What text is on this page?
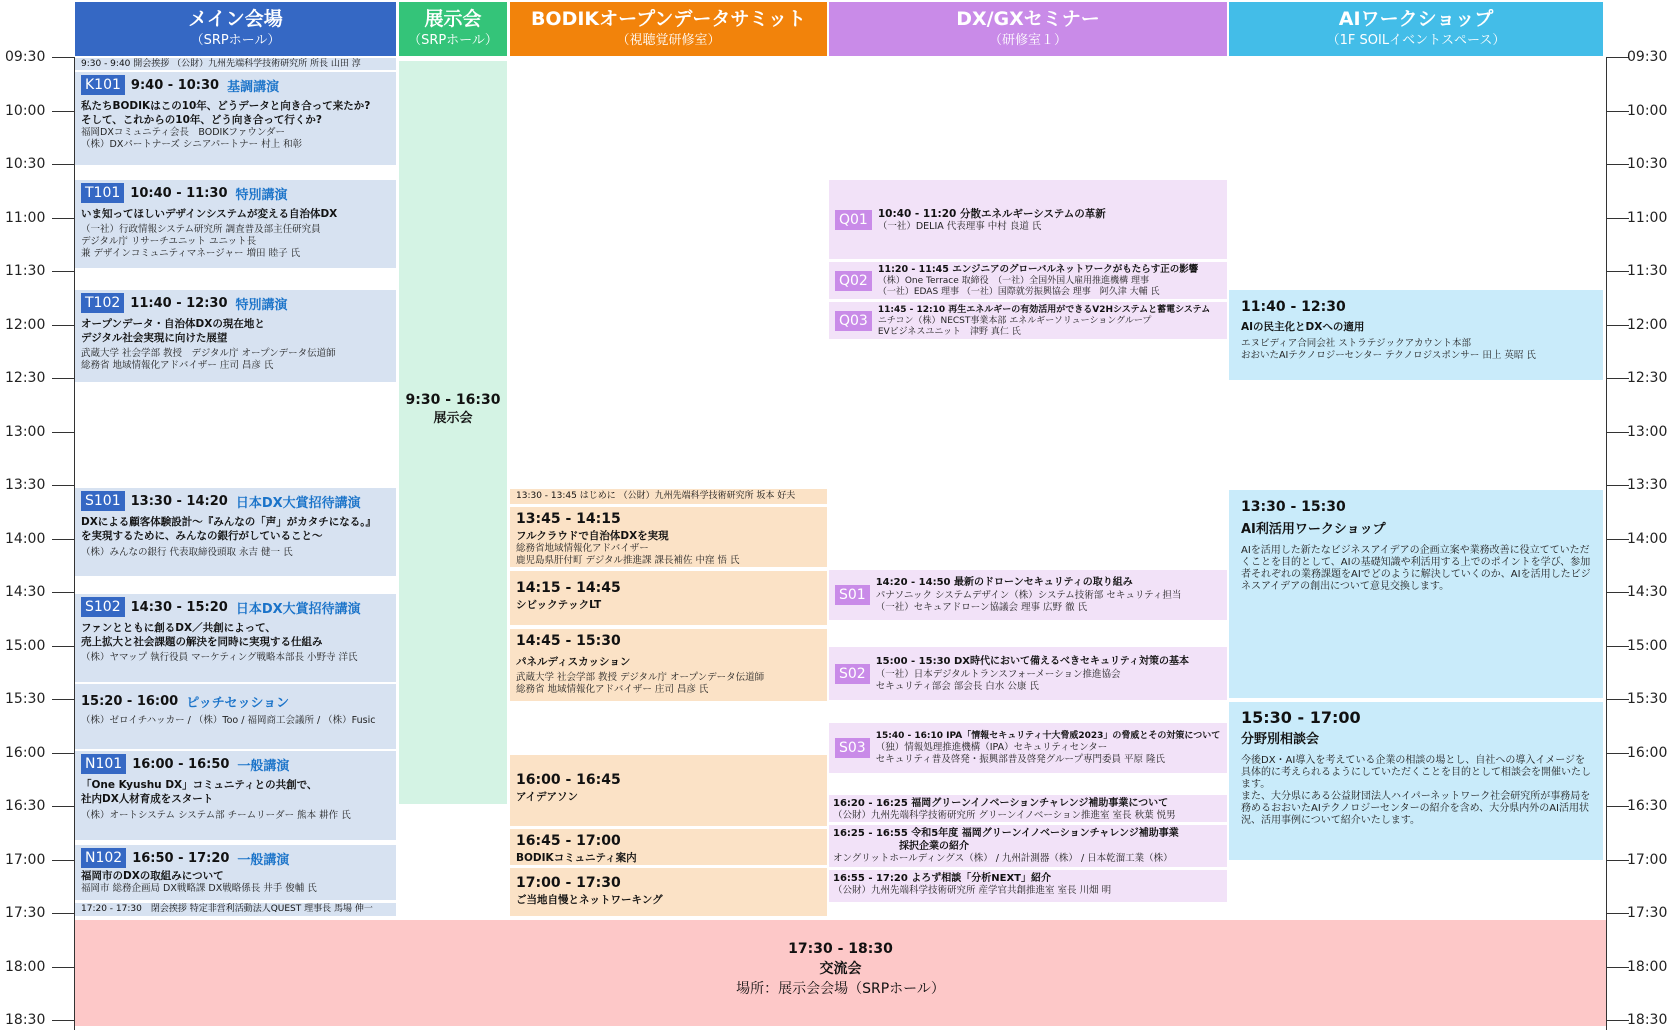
メイン会場
（SRPホール）
展示会
（SRPホール）
BODIKオープンデータサミット
（視聴覚研修室）
DX/GXセミナー
（研修室１）
AIワークショップ
（1F SOILイベントスペース）
09:30	09:30
10:00	10:00
10:30	10:30
11:00	11:00
11:30	11:30
12:00	12:00
12:30	12:30
13:00	13:00
13:30	13:30
14:00	14:00
14:30	14:30
15:00	15:00
15:30	15:30
16:00	16:00
16:30	16:30
17:00	17:00
17:30	17:30
18:00	18:00
18:30	18:30
9:30 - 9:40 開会挨拶 （公財）九州先端科学技術研究所 所長 山田 淳
K101 9:40 - 10:30 基調講演
私たちBODIKはこの10年、どうデータと向き合って来たか?
そして、これからの10年、どう向き合って行くか?
福岡DXコミュニティ会長　BODIKファウンダー
（株）DXパートナーズ シニアパートナー 村上 和彰
T101 10:40 - 11:30 特別講演
いま知ってほしいデザインシステムが変える自治体DX
（一社）行政情報システム研究所 調査普及部主任研究員
デジタル庁 リサーチユニット ユニット長
兼 デザインコミュニティマネージャー 増田 睦子 氏
T102 11:40 - 12:30 特別講演
オープンデータ・自治体DXの現在地と
デジタル社会実現に向けた展望
武蔵大学 社会学部 教授　デジタル庁 オープンデータ伝道師
総務省 地域情報化アドバイザー 庄司 昌彦 氏
S101 13:30 - 14:20 日本DX大賞招待講演
DXによる顧客体験設計～『みんなの「声」がカタチになる。』
を実現するために、みんなの銀行がしていること～
（株）みんなの銀行 代表取締役頭取 永吉 健一 氏
S102 14:30 - 15:20 日本DX大賞招待講演
ファンとともに創るDX／共創によって、
売上拡大と社会課題の解決を同時に実現する仕組み
（株）ヤマップ 執行役員 マーケティング戦略本部長 小野寺 洋氏
15:20 - 16:00 ピッチセッション
（株）ゼロイチハッカー / （株）Too / 福岡商工会議所 / （株）Fusic
N101 16:00 - 16:50 一般講演
「One Kyushu DX」コミュニティとの共創で、
社内DX人材育成をスタート
（株）オートシステム システム部 チームリーダー 熊本 耕作 氏
N102 16:50 - 17:20 一般講演
福岡市のDXの取組みについて
福岡市 総務企画局 DX戦略課 DX戦略係長 井手 俊輔 氏
17:20 - 17:30　閉会挨拶 特定非営利活動法人QUEST 理事長 馬場 伸一
9:30 - 16:30
展示会
13:30 - 13:45 はじめに （公財）九州先端科学技術研究所 坂本 好夫
13:45 - 14:15
フルクラウドで自治体DXを実現
総務省地域情報化アドバイザー
鹿児島県肝付町 デジタル推進課 課長補佐 中窪 悟 氏
14:15 - 14:45
シビックテックLT
14:45 - 15:30
パネルディスカッション
武蔵大学 社会学部 教授 デジタル庁 オープンデータ伝道師
総務省 地域情報化アドバイザー 庄司 昌彦 氏
16:00 - 16:45
アイデアソン
16:45 - 17:00
BODIKコミュニティ案内
17:00 - 17:30
ご当地自慢とネットワーキング
Q01 10:40 - 11:20 分散エネルギーシステムの革新
（一社）DELIA 代表理事 中村 良道 氏
Q02
11:20 - 11:45 エンジニアのグローバルネットワークがもたらす正の影響
（株）One Terrace 取締役　（一社）全国外国人雇用推進機構 理事
（一社）EDAS 理事 （一社）国際就労振興協会 理事　阿久津 大輔 氏
Q03
11:45 - 12:10 再生エネルギーの有効活用ができるV2Hシステムと蓄電システム
ニチコン（株）NECST事業本部 エネルギーソリューショングループ
EVビジネスユニット　津野 真仁 氏
S01
14:20 - 14:50 最新のドローンセキュリティの取り組み
パナソニック システムデザイン（株）システム技術部 セキュリティ担当
（一社）セキュアドローン協議会 理事 広野 徹 氏
S02
15:00 - 15:30 DX時代において備えるべきセキュリティ対策の基本
（一社）日本デジタルトランスフォーメーション推進協会
セキュリティ部会 部会長 白水 公康 氏
S03
15:40 - 16:10 IPA「情報セキュリティ十大脅威2023」の脅威とその対策について
（独）情報処理推進機構（IPA）セキュリティセンター
セキュリティ普及啓発・振興部普及啓発グループ専門委員 平原 隆氏
16:20 - 16:25 福岡グリーンイノベーションチャレンジ補助事業について
（公財）九州先端科学技術研究所 グリーンイノベーション推進室 室長 秋葉 悦男
16:25 - 16:55 令和5年度 福岡グリーンイノベーションチャレンジ補助事業
採択企業の紹介
オングリットホールディングス（株） / 九州計測器（株） / 日本乾溜工業（株）
16:55 - 17:20 よろず相談「分析NEXT」紹介
（公財）九州先端科学技術研究所 産学官共創推進室 室長 川畑 明
11:40 - 12:30
AIの民主化とDXへの適用
エヌビディア合同会社 ストラテジックアカウント本部
おおいたAIテクノロジーセンター テクノロジスポンサー 田上 英昭 氏
13:30 - 15:30
AI利活用ワークショップ
AIを活用した新たなビジネスアイデアの企画立案や業務改善に役立てていただくことを目的として、AIの基礎知識や利活用する上でのポイントを学び、参加者それぞれの業務課題をAIでどのように解決していくのか、AIを活用したビジネスアイデアの創出について意見交換します。
15:30 - 17:00
分野別相談会
今後DX・AI導入を考えている企業の相談の場とし、自社への導入イメージを具体的に考えられるようにしていただくことを目的として相談会を開催いたします。
また、大分県にある公益財団法人ハイパーネットワーク社会研究所が事務局を務めるおおいたAIテクノロジーセンターの紹介を含め、大分県内外のAI活用状況、活用事例について紹介いたします。
17:30 - 18:30
交流会
場所：展示会会場（SRPホール）
